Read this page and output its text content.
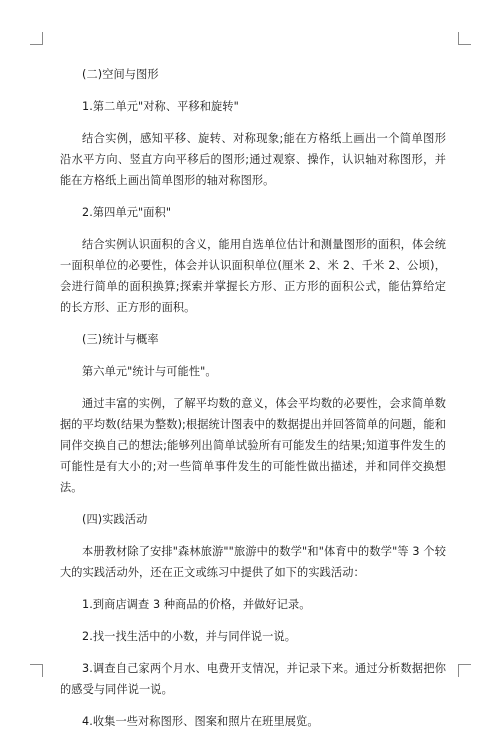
(二)空间与图形

1.第二单元"对称、平移和旋转"

结合实例，感知平移、旋转、对称现象;能在方格纸上画出一个简单图形沿水平方向、竖直方向平移后的图形;通过观察、操作，认识轴对称图形，并能在方格纸上画出简单图形的轴对称图形。

2.第四单元"面积"

结合实例认识面积的含义，能用自选单位估计和测量图形的面积，体会统一面积单位的必要性，体会并认识面积单位(厘米 2、米 2、千米 2、公顷)，会进行简单的面积换算;探索并掌握长方形、正方形的面积公式，能估算给定的长方形、正方形的面积。

(三)统计与概率

第六单元"统计与可能性"。

通过丰富的实例，了解平均数的意义，体会平均数的必要性，会求简单数据的平均数(结果为整数);根据统计图表中的数据提出并回答简单的问题，能和同伴交换自己的想法;能够列出简单试验所有可能发生的结果;知道事件发生的可能性是有大小的;对一些简单事件发生的可能性做出描述，并和同伴交换想法。

(四)实践活动

本册教材除了安排"森林旅游""旅游中的数学"和"体育中的数学"等 3 个较大的实践活动外，还在正文或练习中提供了如下的实践活动：

1.到商店调查 3 种商品的价格，并做好记录。

2.找一找生活中的小数，并与同伴说一说。

3.调查自己家两个月水、电费开支情况，并记录下来。通过分析数据把你的感受与同伴说一说。

4.收集一些对称图形、图案和照片在班里展览。
